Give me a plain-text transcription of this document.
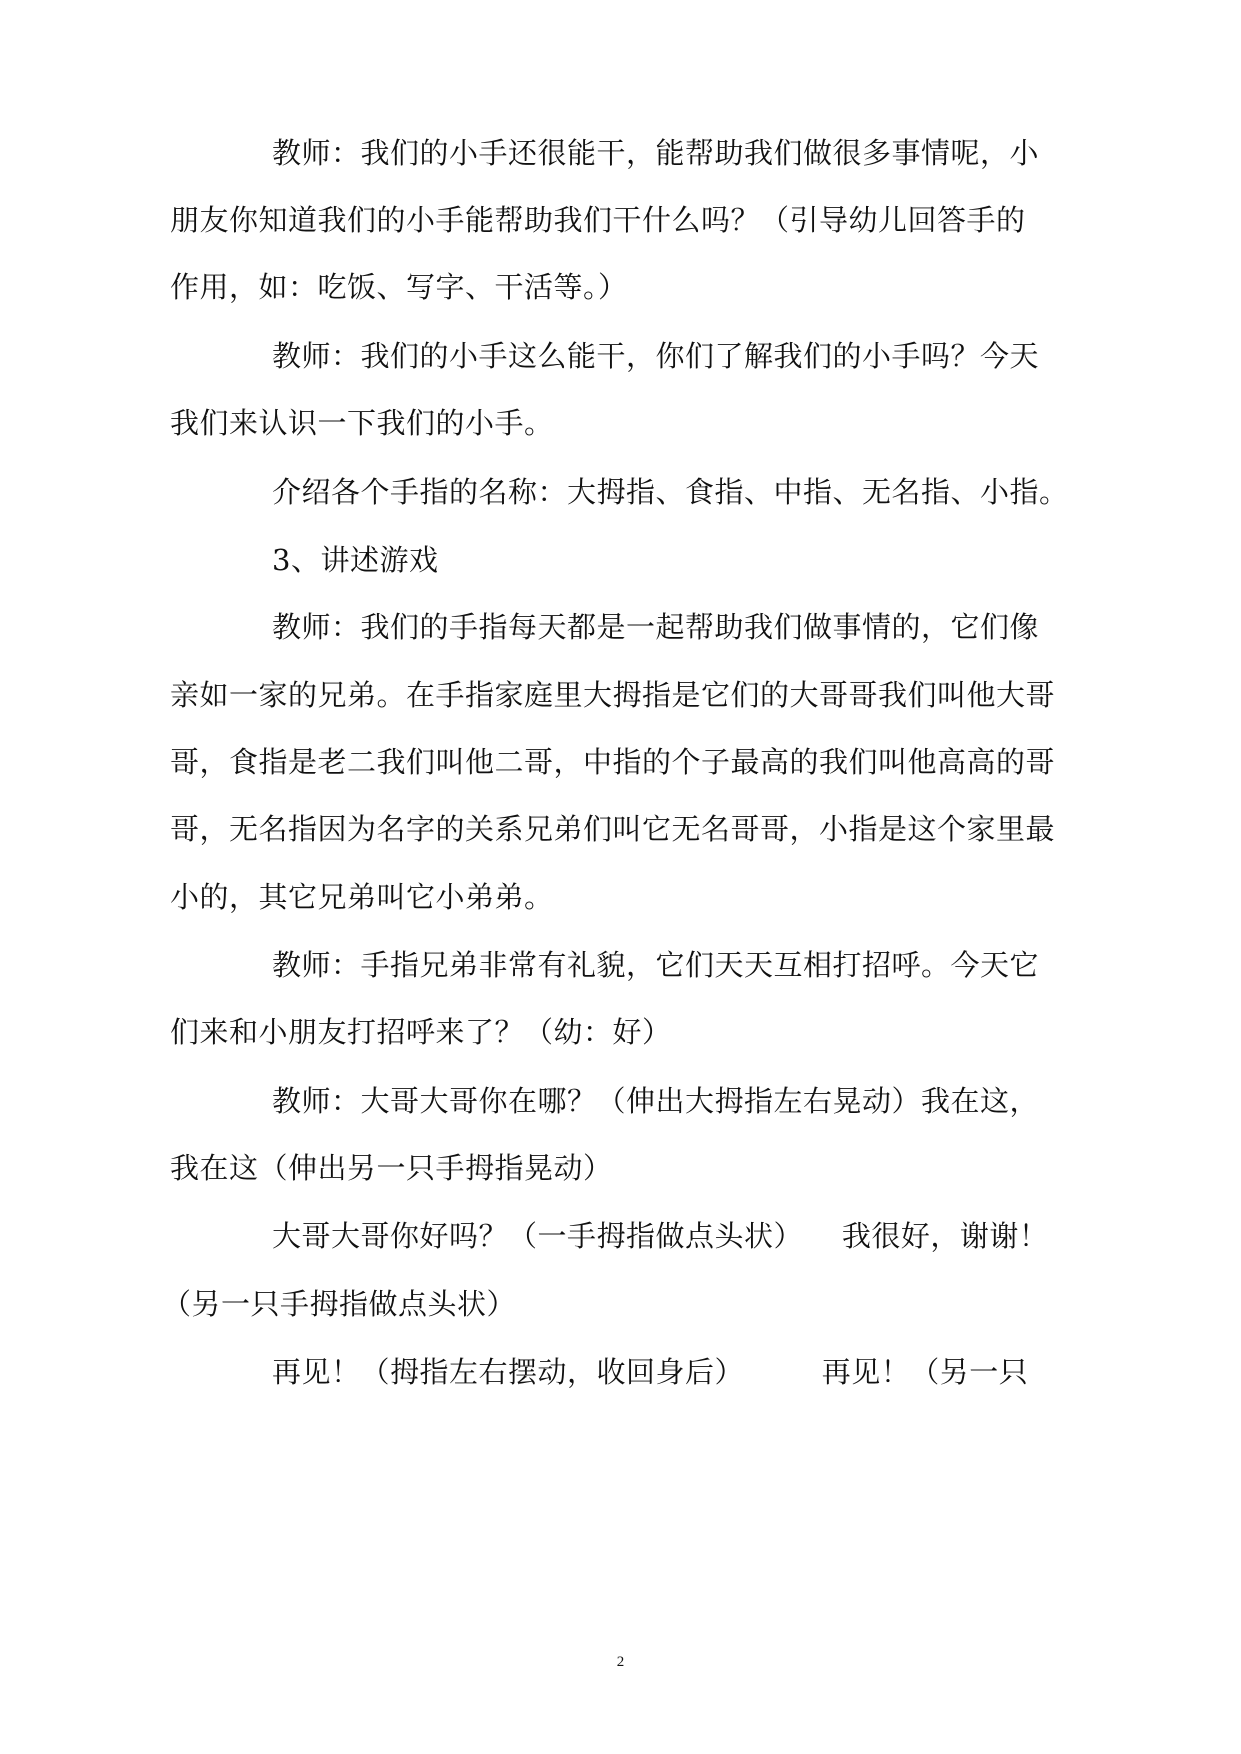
教师：我们的小手还很能干，能帮助我们做很多事情呢，小
朋友你知道我们的小手能帮助我们干什么吗？（引导幼儿回答手的
作用，如：吃饭、写字、干活等。）
教师：我们的小手这么能干，你们了解我们的小手吗？今天
我们来认识一下我们的小手。
介绍各个手指的名称：大拇指、食指、中指、无名指、小指。
3、讲述游戏
教师：我们的手指每天都是一起帮助我们做事情的，它们像
亲如一家的兄弟。在手指家庭里大拇指是它们的大哥哥我们叫他大哥
哥，食指是老二我们叫他二哥，中指的个子最高的我们叫他高高的哥
哥，无名指因为名字的关系兄弟们叫它无名哥哥，小指是这个家里最
小的，其它兄弟叫它小弟弟。
教师：手指兄弟非常有礼貌，它们天天互相打招呼。今天它
们来和小朋友打招呼来了？（幼：好）
教师：大哥大哥你在哪？（伸出大拇指左右晃动）我在这，
我在这（伸出另一只手拇指晃动）
大哥大哥你好吗？（一手拇指做点头状）    我很好，谢谢！
（另一只手拇指做点头状）
再见！（拇指左右摆动，收回身后）        再见！（另一只
2
